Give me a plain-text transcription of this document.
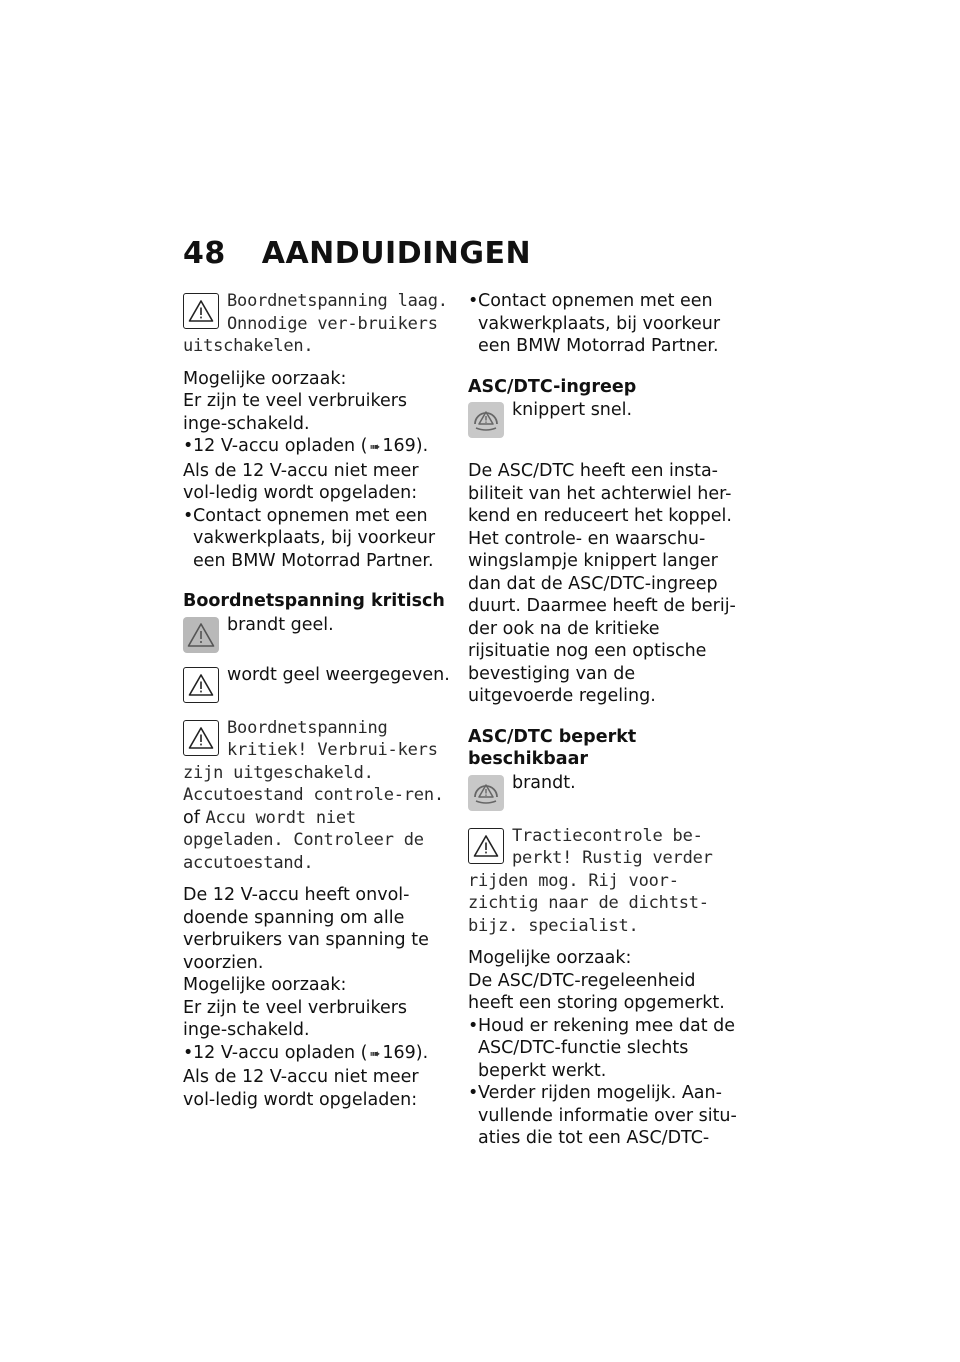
48 AANDUIDINGEN
Boordnetspanning laag. Onnodige ver-bruikers uitschakelen.

Mogelijke oorzaak:

Er zijn te veel verbruikers inge-schakeld.

• 12 V-accu opladen ( ➠ 169).

Als de 12 V-accu niet meer vol-ledig wordt opgeladen:

• Contact opnemen met een vakwerkplaats, bij voorkeur een BMW Motorrad Partner.
Boordnetspanning kritisch
brandt geel.
wordt geel weergegeven.
Boordnetspanning kritiek! Verbrui-kers zijn uitgeschakeld. Accutoestand controle-ren. of Accu wordt niet opgeladen. Controleer de accutoestand.

De 12 V-accu heeft onvol-doende spanning om alle verbruikers van spanning te voorzien.

Mogelijke oorzaak:

Er zijn te veel verbruikers inge-schakeld.

• 12 V-accu opladen ( ➠ 169).

Als de 12 V-accu niet meer vol-ledig wordt opgeladen:

• Contact opnemen met een vakwerkplaats, bij voorkeur een BMW Motorrad Partner.
ASC/DTC-ingreep
knippert snel.

De ASC/DTC heeft een insta-biliteit van het achterwiel her-kend en reduceert het koppel. Het controle- en waarschu-wingslampje knippert langer dan dat de ASC/DTC-ingreep duurt. Daarmee heeft de berij-der ook na de kritieke rijsituatie nog een optische bevestiging van de uitgevoerde regeling.

ASC/DTC beperkt beschikbaar
brandt.
Tractiecontrole be-perkt! Rustig verder rijden mog. Rij voor-zichtig naar de dichtst-bijz. specialist.

Mogelijke oorzaak:

De ASC/DTC-regeleenheid heeft een storing opgemerkt.

• Houd er rekening mee dat de ASC/DTC-functie slechts beperkt werkt.
• Verder rijden mogelijk. Aan-vullende informatie over situ-aties die tot een ASC/DTC-
